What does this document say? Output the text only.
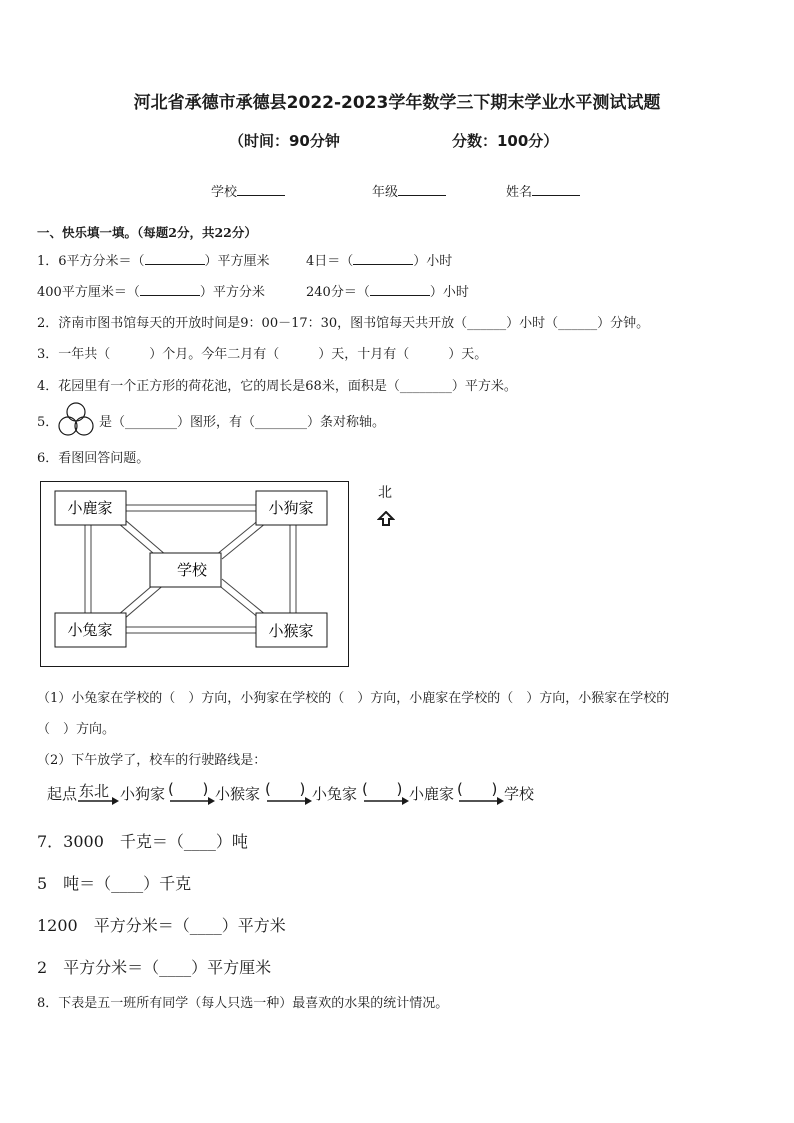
河北省承德市承德县2022-2023学年数学三下期末学业水平测试试题
（时间：90分钟	分数：100分）
学校	年级	姓名
一、快乐填一填。（每题2分，共22分）
1．6平方分米＝（	）平方厘米	4日＝（	）小时
400平方厘米＝（	）平方分米	240分＝（	）小时
2．济南市图书馆每天的开放时间是9：00－17：30，图书馆每天共开放（______）小时（______）分钟。
3．一年共（　　　）个月。今年二月有（　　　）天，十月有（　　　）天。
4．花园里有一个正方形的荷花池，它的周长是68米，面积是（________）平方米。
5．	是（________）图形，有（________）条对称轴。
6．看图回答问题。
小鹿家	小狗家
学校
小兔家	小猴家
北
（1）小兔家在学校的（　）方向，小狗家在学校的（　）方向，小鹿家在学校的（　）方向，小猴家在学校的
（　）方向。
（2）下午放学了，校车的行驶路线是：
起点 东北 小狗家 (      ) 小猴家 (      ) 小兔家 (      ) 小鹿家 (      ) 学校
7．3000　千克＝（____）吨
5　吨＝（____）千克
1200　平方分米＝（____）平方米
2　平方分米＝（____）平方厘米
8．下表是五一班所有同学（每人只选一种）最喜欢的水果的统计情况。
